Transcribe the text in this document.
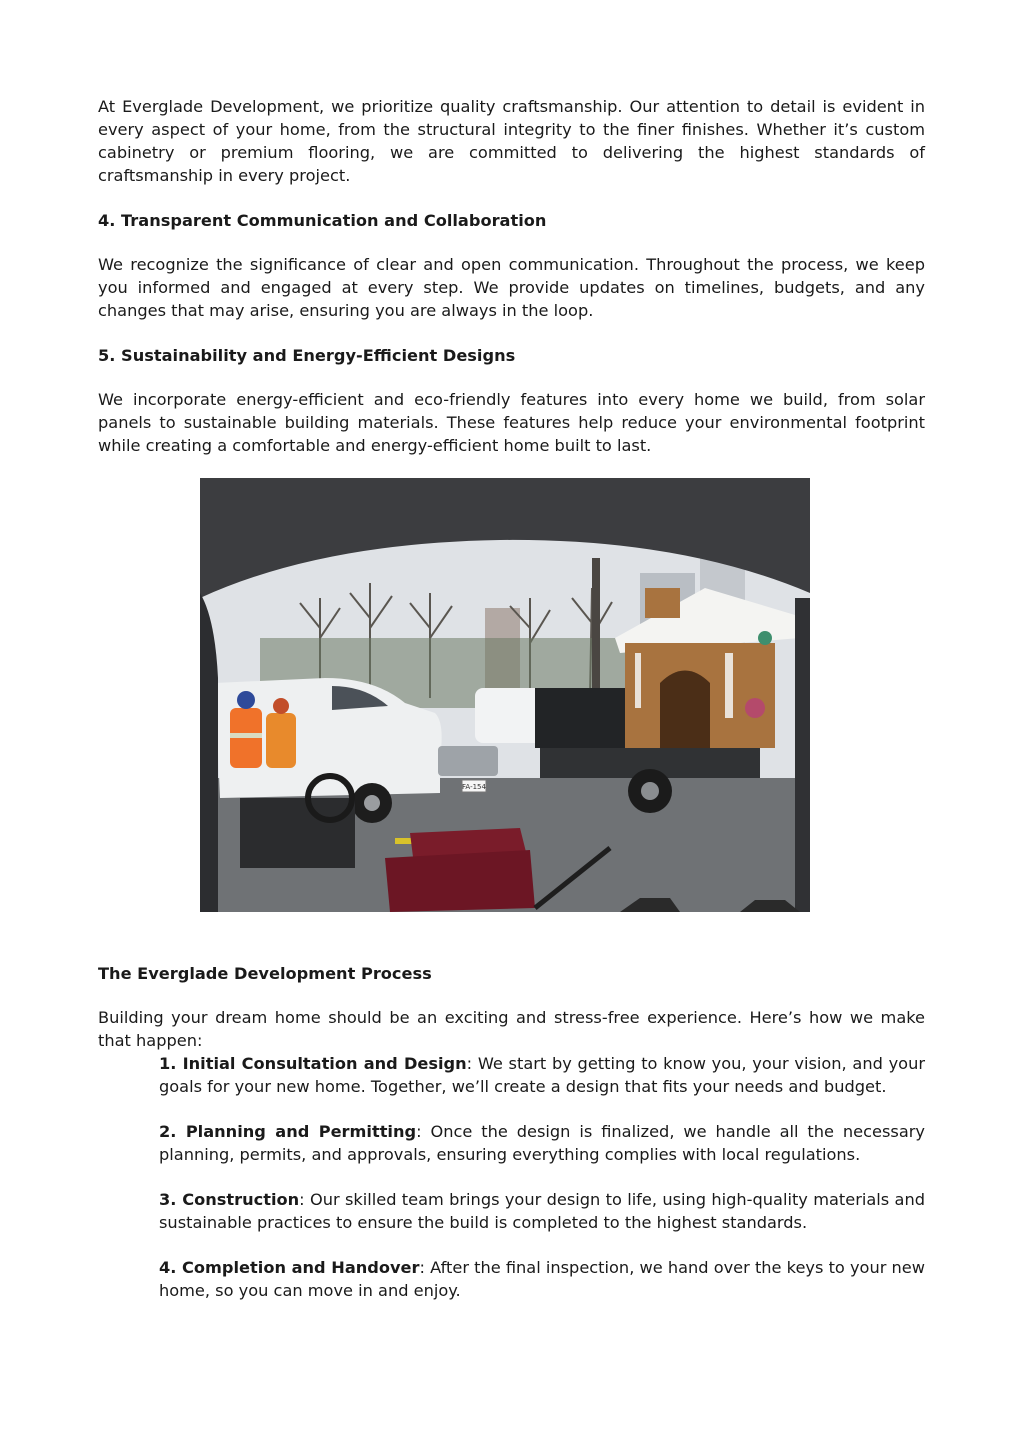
At Everglade Development, we prioritize quality craftsmanship. Our attention to detail is evident in every aspect of your home, from the structural integrity to the finer finishes. Whether it’s custom cabinetry or premium flooring, we are committed to delivering the highest standards of craftsmanship in every project.

4. Transparent Communication and Collaboration

We recognize the significance of clear and open communication. Throughout the process, we keep you informed and engaged at every step. We provide updates on timelines, budgets, and any changes that may arise, ensuring you are always in the loop.

5. Sustainability and Energy-Efficient Designs

We incorporate energy-efficient and eco-friendly features into every home we build, from solar panels to sustainable building materials. These features help reduce your environmental footprint while creating a comfortable and energy-efficient home built to last.

FA-154

The Everglade Development Process

Building your dream home should be an exciting and stress-free experience. Here’s how we make that happen:

1. Initial Consultation and Design: We start by getting to know you, your vision, and your goals for your new home. Together, we’ll create a design that fits your needs and budget.

2. Planning and Permitting: Once the design is finalized, we handle all the necessary planning, permits, and approvals, ensuring everything complies with local regulations.

3. Construction: Our skilled team brings your design to life, using high-quality materials and sustainable practices to ensure the build is completed to the highest standards.

4. Completion and Handover: After the final inspection, we hand over the keys to your new home, so you can move in and enjoy.
